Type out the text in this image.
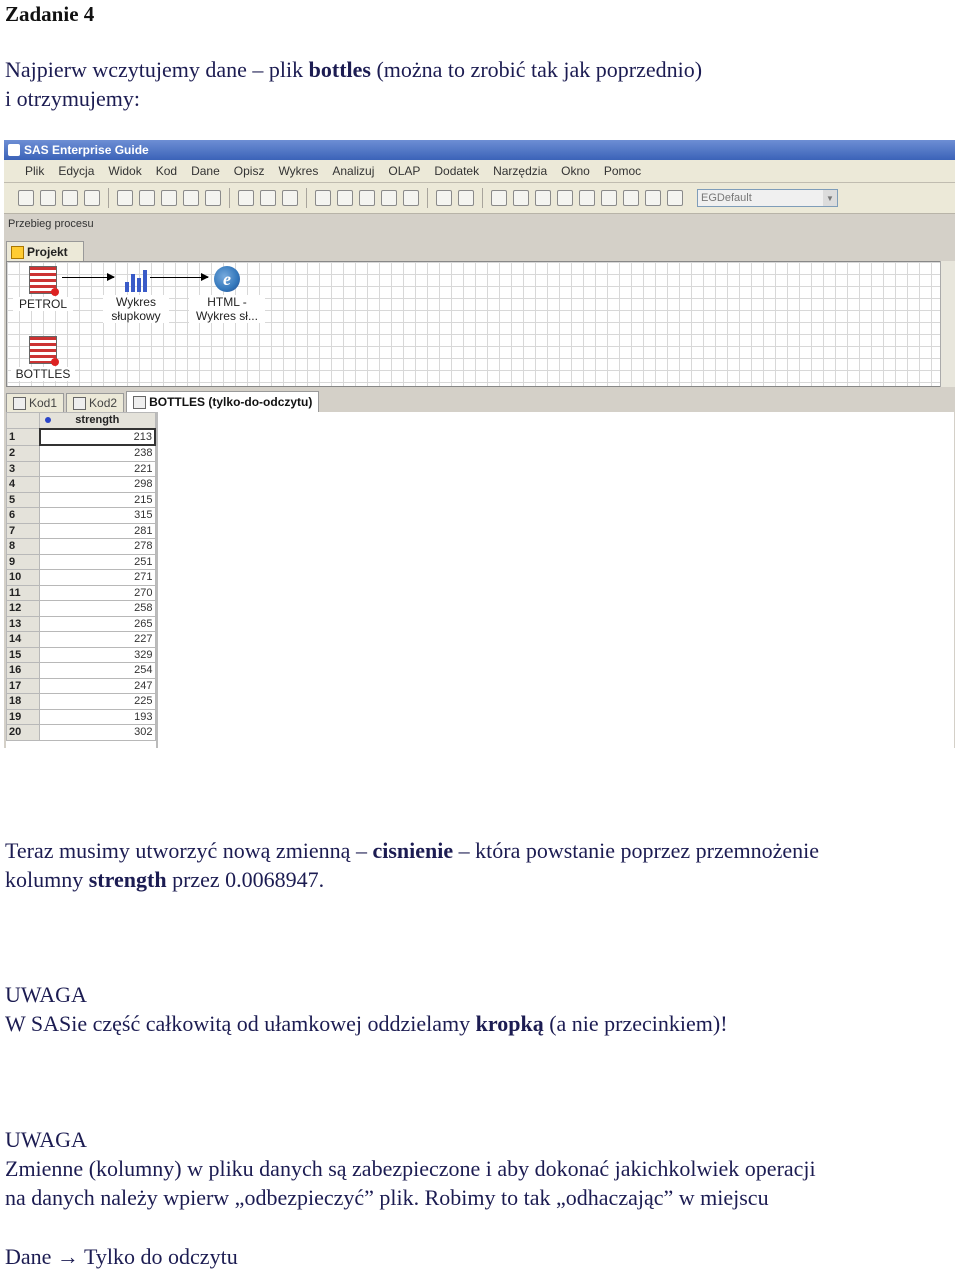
Zadanie 4
Najpierw wczytujemy dane – plik bottles (można to zrobić tak jak poprzednio)
i otrzymujemy:
SAS Enterprise Guide
Plik	Edycja	Widok	Kod	Dane	Opisz	Wykres	Analizuj	OLAP	Dodatek	Narzędzia	Okno	Pomoc
EGDefault	▼
Przebieg procesu
Projekt
PETROL	Wykres
słupkowy
e
HTML -
Wykres sł...
BOTTLES
Kod1	Kod2	BOTTLES (tylko-do-odczytu)

strength
1	213
2	238
3	221
4	298
5	215
6	315
7	281
8	278
9	251
10	271
11	270
12	258
13	265
14	227
15	329
16	254
17	247
18	225
19	193
20	302
Teraz musimy utworzyć nową zmienną – cisnienie – która powstanie poprzez przemnożenie
kolumny strength przez 0.0068947.
UWAGA
W SASie część całkowitą od ułamkowej oddzielamy kropką (a nie przecinkiem)!
UWAGA
Zmienne (kolumny) w pliku danych są zabezpieczone i aby dokonać jakichkolwiek operacji
na danych należy wpierw „odbezpieczyć” plik. Robimy to tak „odhaczając” w miejscu
Dane → Tylko do odczytu
